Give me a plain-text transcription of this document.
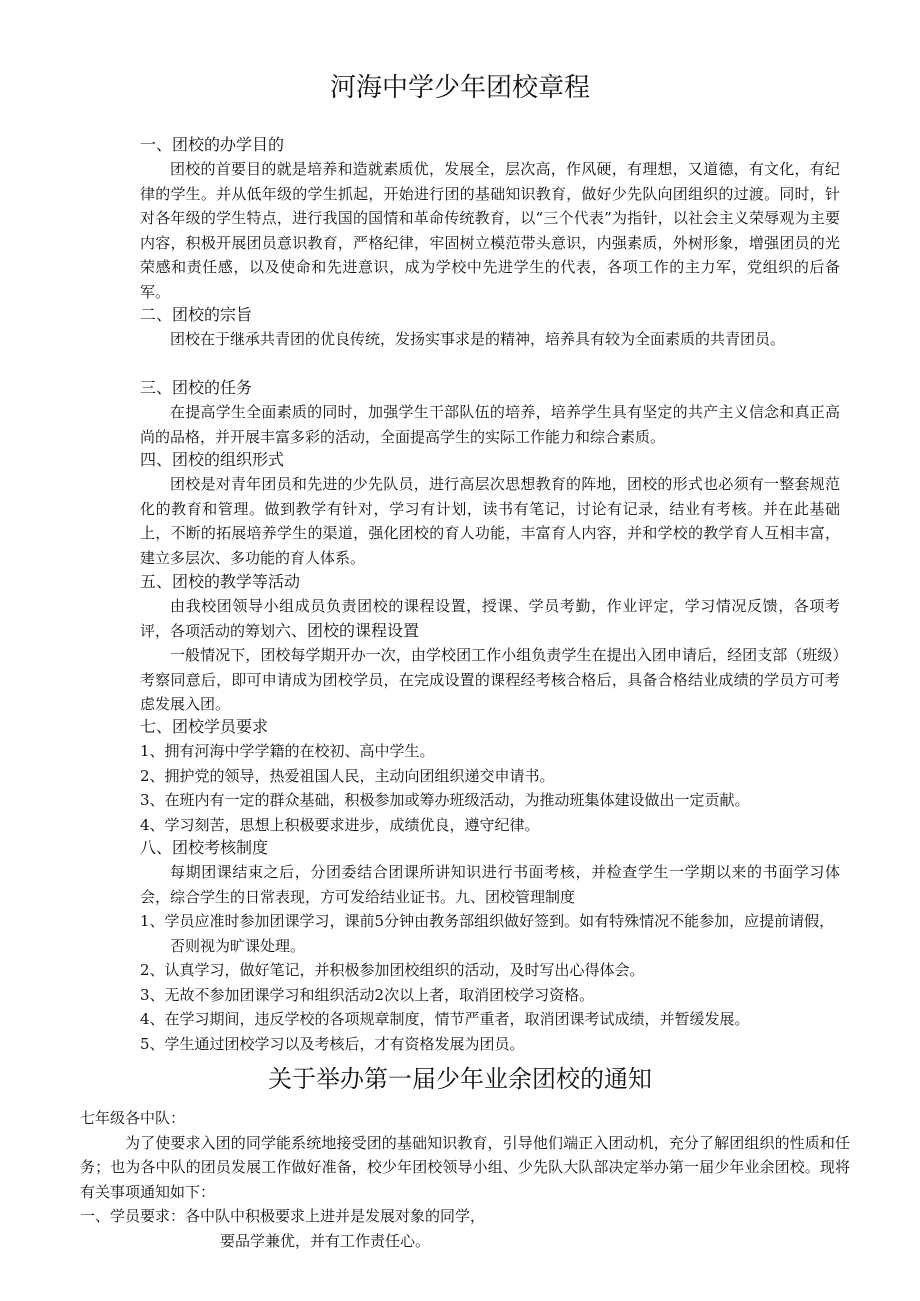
河海中学少年团校章程

一、团校的办学目的

团校的首要目的就是培养和造就素质优，发展全，层次高，作风硬，有理想，又道德，有文化，有纪律的学生。并从低年级的学生抓起，开始进行团的基础知识教育，做好少先队向团组织的过渡。同时，针对各年级的学生特点，进行我国的国情和革命传统教育，以“三个代表”为指针，以社会主义荣辱观为主要内容，积极开展团员意识教育，严格纪律，牢固树立模范带头意识，内强素质，外树形象，增强团员的光荣感和责任感，以及使命和先进意识，成为学校中先进学生的代表，各项工作的主力军，党组织的后备军。

二、团校的宗旨

团校在于继承共青团的优良传统，发扬实事求是的精神，培养具有较为全面素质的共青团员。

三、团校的任务

在提高学生全面素质的同时，加强学生干部队伍的培养，培养学生具有坚定的共产主义信念和真正高尚的品格，并开展丰富多彩的活动，全面提高学生的实际工作能力和综合素质。

四、团校的组织形式

团校是对青年团员和先进的少先队员，进行高层次思想教育的阵地，团校的形式也必须有一整套规范化的教育和管理。做到教学有针对，学习有计划，读书有笔记，讨论有记录，结业有考核。并在此基础上，不断的拓展培养学生的渠道，强化团校的育人功能，丰富育人内容，并和学校的教学育人互相丰富，建立多层次、多功能的育人体系。

五、团校的教学等活动

由我校团领导小组成员负责团校的课程设置，授课、学员考勤，作业评定，学习情况反馈，各项考评，各项活动的筹划六、团校的课程设置

一般情况下，团校每学期开办一次，由学校团工作小组负责学生在提出入团申请后，经团支部（班级）考察同意后，即可申请成为团校学员，在完成设置的课程经考核合格后，具备合格结业成绩的学员方可考虑发展入团。

七、团校学员要求

1、拥有河海中学学籍的在校初、高中学生。

2、拥护党的领导，热爱祖国人民，主动向团组织递交申请书。

3、在班内有一定的群众基础，积极参加或筹办班级活动，为推动班集体建设做出一定贡献。

4、学习刻苦，思想上积极要求进步，成绩优良，遵守纪律。

八、团校考核制度

每期团课结束之后，分团委结合团课所讲知识进行书面考核，并检查学生一学期以来的书面学习体会，综合学生的日常表现，方可发给结业证书。九、团校管理制度

1、学员应准时参加团课学习，课前5分钟由教务部组织做好签到。如有特殊情况不能参加，应提前请假，否则视为旷课处理。

2、认真学习，做好笔记，并积极参加团校组织的活动，及时写出心得体会。

3、无故不参加团课学习和组织活动2次以上者，取消团校学习资格。

4、在学习期间，违反学校的各项规章制度，情节严重者，取消团课考试成绩，并暂缓发展。

5、学生通过团校学习以及考核后，才有资格发展为团员。

关于举办第一届少年业余团校的通知

七年级各中队：

为了使要求入团的同学能系统地接受团的基础知识教育，引导他们端正入团动机，充分了解团组织的性质和任务；也为各中队的团员发展工作做好准备，校少年团校领导小组、少先队大队部决定举办第一届少年业余团校。现将有关事项通知如下：

一、学员要求：各中队中积极要求上进并是发展对象的同学，

要品学兼优，并有工作责任心。
